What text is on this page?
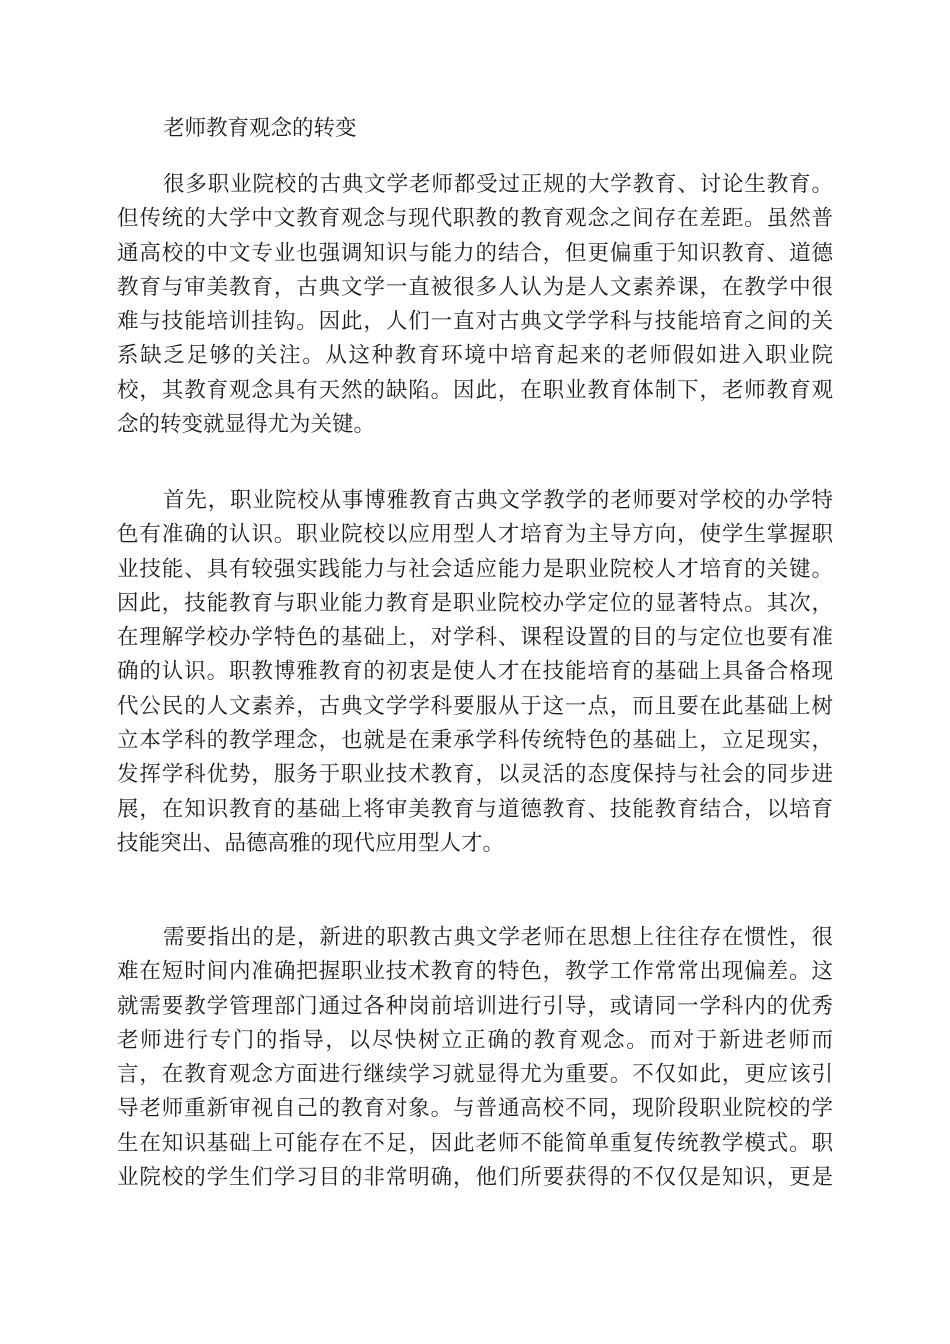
老师教育观念的转变
很多职业院校的古典文学老师都受过正规的大学教育、讨论生教育。
但传统的大学中文教育观念与现代职教的教育观念之间存在差距。虽然普
通高校的中文专业也强调知识与能力的结合，但更偏重于知识教育、道德
教育与审美教育，古典文学一直被很多人认为是人文素养课，在教学中很
难与技能培训挂钩。因此，人们一直对古典文学学科与技能培育之间的关
系缺乏足够的关注。从这种教育环境中培育起来的老师假如进入职业院
校，其教育观念具有天然的缺陷。因此，在职业教育体制下，老师教育观
念的转变就显得尤为关键。
首先，职业院校从事博雅教育古典文学教学的老师要对学校的办学特
色有准确的认识。职业院校以应用型人才培育为主导方向，使学生掌握职
业技能、具有较强实践能力与社会适应能力是职业院校人才培育的关键。
因此，技能教育与职业能力教育是职业院校办学定位的显著特点。其次，
在理解学校办学特色的基础上，对学科、课程设置的目的与定位也要有准
确的认识。职教博雅教育的初衷是使人才在技能培育的基础上具备合格现
代公民的人文素养，古典文学学科要服从于这一点，而且要在此基础上树
立本学科的教学理念，也就是在秉承学科传统特色的基础上，立足现实，
发挥学科优势，服务于职业技术教育，以灵活的态度保持与社会的同步进
展，在知识教育的基础上将审美教育与道德教育、技能教育结合，以培育
技能突出、品德高雅的现代应用型人才。
需要指出的是，新进的职教古典文学老师在思想上往往存在惯性，很
难在短时间内准确把握职业技术教育的特色，教学工作常常出现偏差。这
就需要教学管理部门通过各种岗前培训进行引导，或请同一学科内的优秀
老师进行专门的指导，以尽快树立正确的教育观念。而对于新进老师而
言，在教育观念方面进行继续学习就显得尤为重要。不仅如此，更应该引
导老师重新审视自己的教育对象。与普通高校不同，现阶段职业院校的学
生在知识基础上可能存在不足，因此老师不能简单重复传统教学模式。职
业院校的学生们学习目的非常明确，他们所要获得的不仅仅是知识，更是
